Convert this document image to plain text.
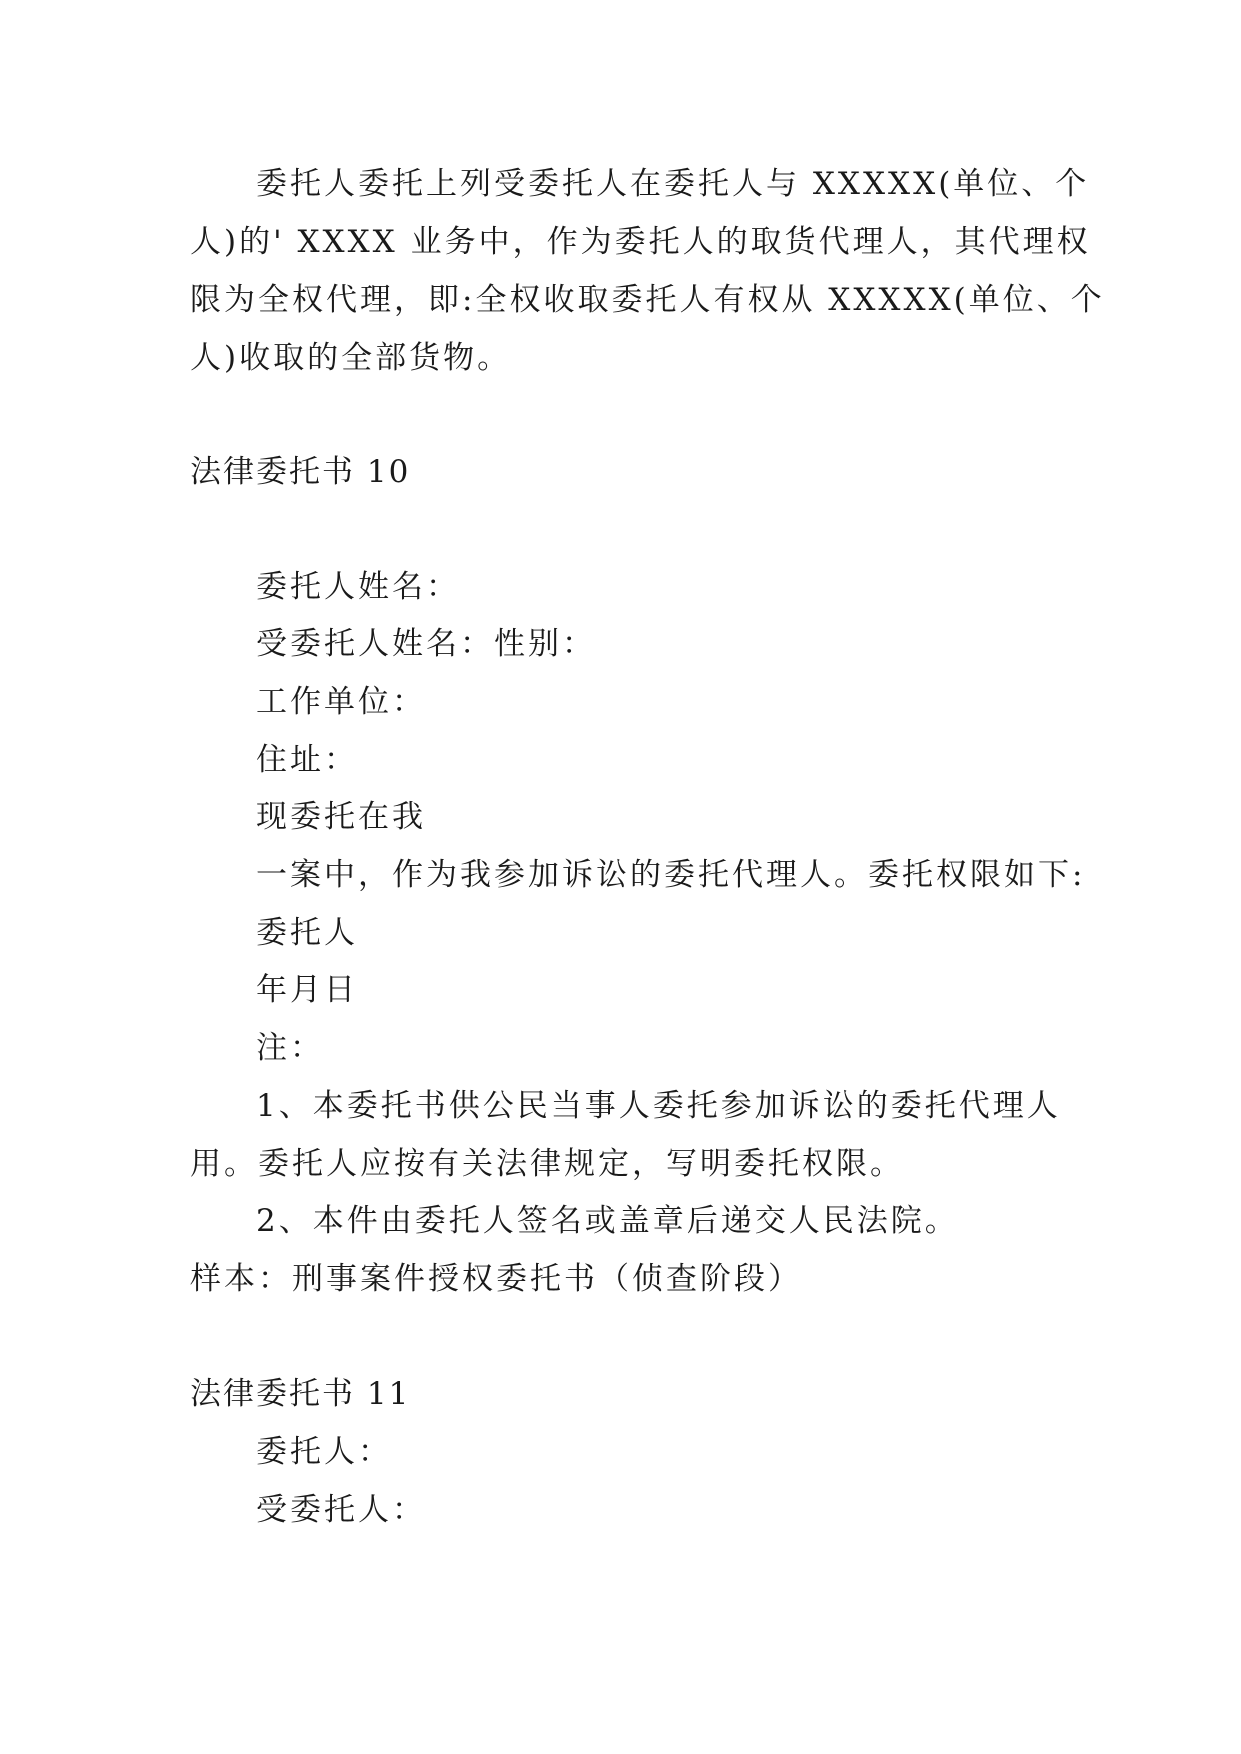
委托人委托上列受委托人在委托人与 XXXXX(单位、个
人)的' XXXX 业务中，作为委托人的取货代理人，其代理权
限为全权代理，即:全权收取委托人有权从 XXXXX(单位、个
人)收取的全部货物。
法律委托书 10
委托人姓名：
受委托人姓名：性别：
工作单位：
住址：
现委托在我
一案中，作为我参加诉讼的委托代理人。委托权限如下:
委托人
年月日
注：
1、本委托书供公民当事人委托参加诉讼的委托代理人
用。委托人应按有关法律规定，写明委托权限。
2、本件由委托人签名或盖章后递交人民法院。
样本：刑事案件授权委托书（侦查阶段）
法律委托书 11
委托人：
受委托人：
